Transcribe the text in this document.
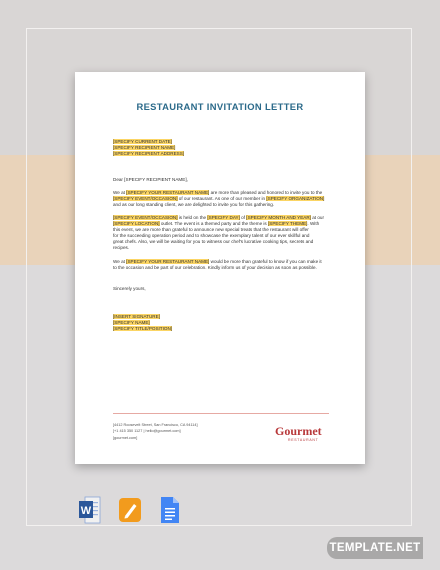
RESTAURANT INVITATION LETTER
[SPECIFY CURRENT DATE]
[SPECIFY RECIPIENT NAME]
[SPECIFY RECIPIENT ADDRESS]
Dear [SPECIFY RECIPIENT NAME],
We at [SPECIFY YOUR RESTAURANT NAME] are more than pleased and honored to invite you to the
[SPECIFY EVENT/OCCASION] of our restaurant. As one of our member in [SPECIFY ORGANIZATION]
and as our long standing client, we are delighted to invite you for this gathering.
[SPECIFY EVENT/OCCASION] is held on the [SPECIFY DAY] of [SPECIFY MONTH AND YEAR] at our
[SPECIFY LOCATION] outlet. The event is a themed party and the theme is [SPECIFY THEME]. With
this event, we are more than grateful to announce new special treats that the restaurant will offer
for the succeeding operation period and to showcase the exemplary talent of our ever skillful and
great chefs. Also, we will be waiting for you to witness our chef's lucrative cooking tips, secrets and
recipes.
We at [SPECIFY YOUR RESTAURANT NAME] would be more than grateful to know if you can make it
to the occasion and be part of our celebration. Kindly inform us of your decision as soon as possible.
Sincerely yours,
[INSERT SIGNATURE]
[SPECIFY NAME]
[SPECIFY TITLE/POSITION]
[4412 Roosevelt Street, San Francisco, CA 94114]
[+1 415 350 1127 | hello@gourmet.com]
[gourmet.com]	Gourmet
RESTAURANT
W
TEMPLATE.NET
